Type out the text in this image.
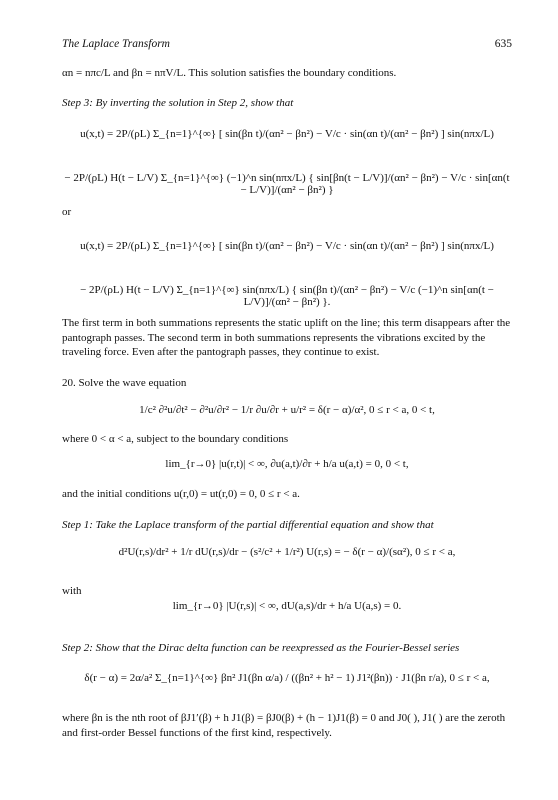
The Laplace Transform	635
αn = nπc/L and βn = nπV/L. This solution satisfies the boundary conditions.
Step 3: By inverting the solution in Step 2, show that
u(x,t) = 2P/(ρL) Σ_{n=1}^{∞} [ sin(βn t)/(αn² − βn²) − V/c · sin(αn t)/(αn² − βn²) ] sin(nπx/L)
− 2P/(ρL) H(t − L/V) Σ_{n=1}^{∞} (−1)^n sin(nπx/L) { sin[βn(t − L/V)]/(αn² − βn²) − V/c · sin[αn(t − L/V)]/(αn² − βn²) }
or
u(x,t) = 2P/(ρL) Σ_{n=1}^{∞} [ sin(βn t)/(αn² − βn²) − V/c · sin(αn t)/(αn² − βn²) ] sin(nπx/L)
− 2P/(ρL) H(t − L/V) Σ_{n=1}^{∞} sin(nπx/L) { sin(βn t)/(αn² − βn²) − V/c (−1)^n sin[αn(t − L/V)]/(αn² − βn²) }.
The first term in both summations represents the static uplift on the line; this term disappears after the pantograph passes. The second term in both summations represents the vibrations excited by the traveling force. Even after the pantograph passes, they continue to exist.
20. Solve the wave equation
1/c² ∂²u/∂t² − ∂²u/∂r² − 1/r ∂u/∂r + u/r² = δ(r − α)/α², 0 ≤ r < a, 0 < t,
where 0 < α < a, subject to the boundary conditions
lim_{r→0} |u(r,t)| < ∞, ∂u(a,t)/∂r + h/a u(a,t) = 0, 0 < t,
and the initial conditions u(r,0) = ut(r,0) = 0, 0 ≤ r < a.
Step 1: Take the Laplace transform of the partial differential equation and show that
d²U(r,s)/dr² + 1/r dU(r,s)/dr − (s²/c² + 1/r²) U(r,s) = − δ(r − α)/(sα²), 0 ≤ r < a,
with
lim_{r→0} |U(r,s)| < ∞, dU(a,s)/dr + h/a U(a,s) = 0.
Step 2: Show that the Dirac delta function can be reexpressed as the Fourier-Bessel series
δ(r − α) = 2α/a² Σ_{n=1}^{∞} βn² J1(βn α/a) / ((βn² + h² − 1) J1²(βn)) · J1(βn r/a), 0 ≤ r < a,
where βn is the nth root of βJ1′(β) + h J1(β) = βJ0(β) + (h − 1)J1(β) = 0 and J0( ), J1( ) are the zeroth and first-order Bessel functions of the first kind, respectively.
